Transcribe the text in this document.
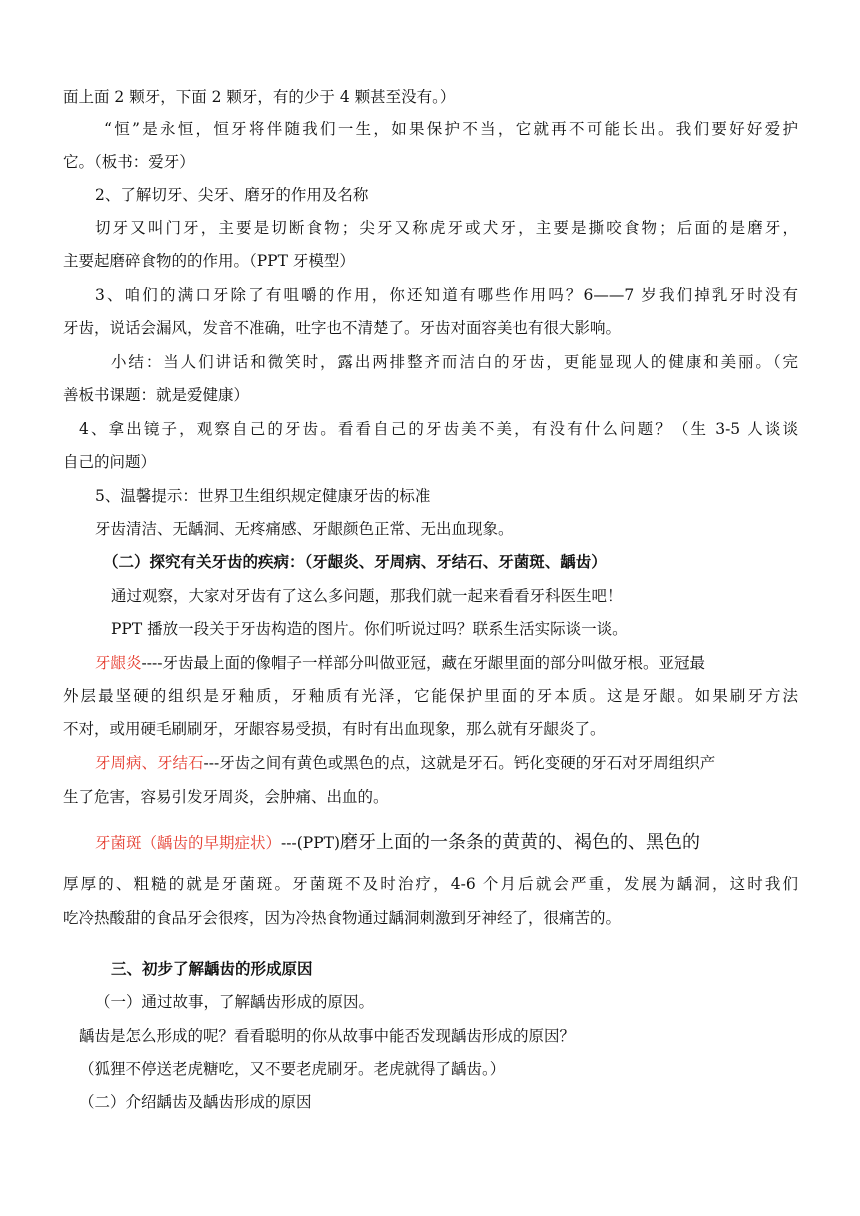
面上面 2 颗牙，下面 2 颗牙，有的少于 4 颗甚至没有。）
“恒”是永恒，恒牙将伴随我们一生，如果保护不当，它就再不可能长出。我们要好好爱护
它。（板书：爱牙）
2、了解切牙、尖牙、磨牙的作用及名称
切牙又叫门牙，主要是切断食物；尖牙又称虎牙或犬牙，主要是撕咬食物；后面的是磨牙，
主要起磨碎食物的的作用。（PPT 牙模型）
3、咱们的满口牙除了有咀嚼的作用，你还知道有哪些作用吗？6——7 岁我们掉乳牙时没有
牙齿，说话会漏风，发音不准确，吐字也不清楚了。牙齿对面容美也有很大影响。
小结：当人们讲话和微笑时，露出两排整齐而洁白的牙齿，更能显现人的健康和美丽。（完
善板书课题：就是爱健康）
4、拿出镜子，观察自己的牙齿。看看自己的牙齿美不美，有没有什么问题？（生 3-5 人谈谈
自己的问题）
5、温馨提示：世界卫生组织规定健康牙齿的标准
牙齿清洁、无龋洞、无疼痛感、牙龈颜色正常、无出血现象。
（二）探究有关牙齿的疾病：（牙龈炎、牙周病、牙结石、牙菌斑、龋齿）
通过观察，大家对牙齿有了这么多问题，那我们就一起来看看牙科医生吧！
PPT 播放一段关于牙齿构造的图片。你们听说过吗？联系生活实际谈一谈。
牙龈炎----牙齿最上面的像帽子一样部分叫做亚冠，藏在牙龈里面的部分叫做牙根。亚冠最
外层最坚硬的组织是牙釉质，牙釉质有光泽，它能保护里面的牙本质。这是牙龈。如果刷牙方法
不对，或用硬毛刷刷牙，牙龈容易受损，有时有出血现象，那么就有牙龈炎了。
牙周病、牙结石---牙齿之间有黄色或黑色的点，这就是牙石。钙化变硬的牙石对牙周组织产
生了危害，容易引发牙周炎，会肿痛、出血的。
牙菌斑（龋齿的早期症状）---(PPT)磨牙上面的一条条的黄黄的、褐色的、黑色的
厚厚的、粗糙的就是牙菌斑。牙菌斑不及时治疗，4-6 个月后就会严重，发展为龋洞，这时我们
吃冷热酸甜的食品牙会很疼，因为冷热食物通过龋洞刺激到牙神经了，很痛苦的。
三、初步了解龋齿的形成原因
（一）通过故事，了解龋齿形成的原因。
龋齿是怎么形成的呢？看看聪明的你从故事中能否发现龋齿形成的原因？
（狐狸不停送老虎糖吃，又不要老虎刷牙。老虎就得了龋齿。）
（二）介绍龋齿及龋齿形成的原因
